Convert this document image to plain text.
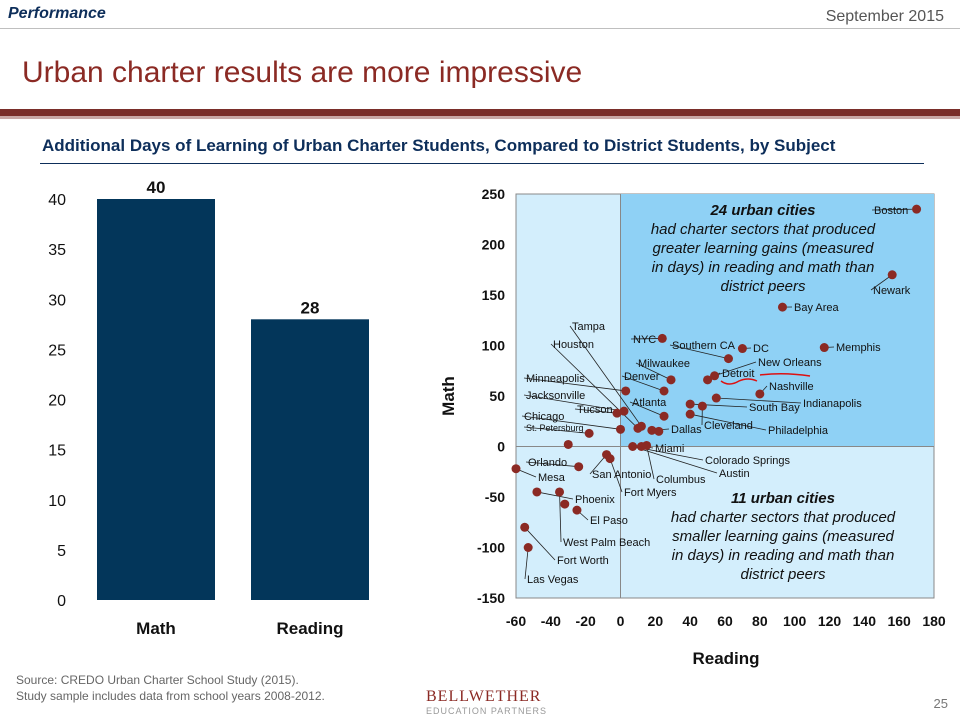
Performance	September 2015
Urban charter results are more impressive
Additional Days of Learning of Urban Charter Students, Compared to District Students, by Subject
0
5
10
15
20
25
30
35
40
40
Math
28
Reading	-60 -40 -20 0 20 40 60 80 100 120 140 160 180
-150
-100
-50
0
50
100
150
200
250
Reading
Math
24 urban cities
had charter sectors that produced
greater learning gains (measured
in days) in reading and math than
district peers
11 urban cities
had charter sectors that produced
smaller learning gains (measured
in days) in reading and math than
district peers
Boston
Newark
Bay Area
Memphis
DC
NYC Southern CA
New Orleans
Detroit
Milwaukee
Denver
Nashville
Indianapolis
South Bay
Cleveland Philadelphia
Atlanta
Dallas
Minneapolis
Jacksonville
Tucson
Tampa
Houston
Chicago
St. Petersburg
Miami
Colorado Springs
Austin
Columbus
San Antonio
Fort Myers
Orlando
Mesa
Phoenix
El Paso
West Palm Beach
Fort Worth
Las Vegas
Source: CREDO Urban Charter School Study (2015).
Study sample includes data from school years 2008-2012.	BELLWETHER
EDUCATION PARTNERS	25
